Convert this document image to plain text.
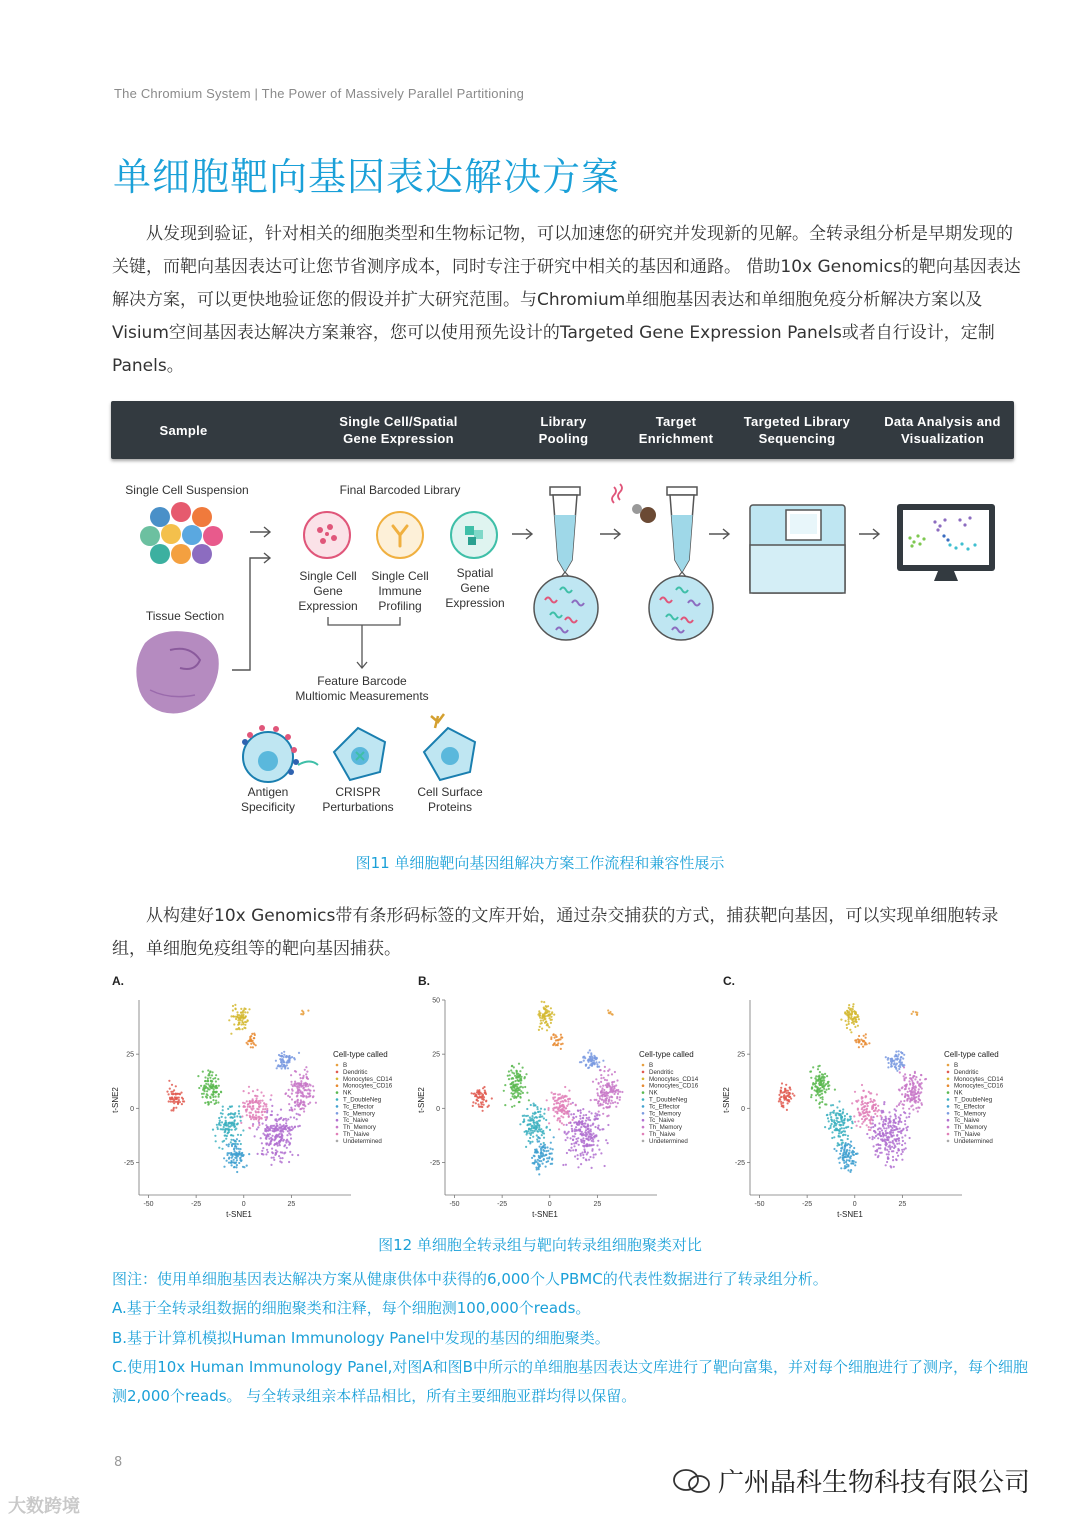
The Chromium System | The Power of Massively Parallel Partitioning
单细胞靶向基因表达解决方案

从发现到验证，针对相关的细胞类型和生物标记物，可以加速您的研究并发现新的见解。全转录组分析是早期发现的关键，而靶向基因表达可让您节省测序成本，同时专注于研究中相关的基因和通路。 借助10x Genomics的靶向基因表达解决方案，可以更快地验证您的假设并扩大研究范围。与Chromium单细胞基因表达和单细胞免疫分析解决方案以及Visium空间基因表达解决方案兼容，您可以使用预先设计的Targeted Gene Expression Panels或者自行设计，定制Panels。

Sample
Single Cell/Spatial
Gene Expression
Library
Pooling
Target
Enrichment
Targeted Library
Sequencing
Data Analysis and
Visualization
Single Cell Suspension
Tissue Section
Final Barcoded Library
Single Cell
Gene
Expression
Single Cell
Immune
Profiling
Spatial
Gene
Expression
Feature Barcode
Multiomic Measurements
Antigen
Specificity
CRISPR
Perturbations
Cell Surface
Proteins
图11 单细胞靶向基因组解决方案工作流程和兼容性展示

从构建好10x Genomics带有条形码标签的文库开始，通过杂交捕获的方式，捕获靶向基因，可以实现单细胞转录组，单细胞免疫组等的靶向基因捕获。

A.
-50	-25	0	25
25
0
-25
t-SNE1
t-SNE2
Cell-type called
B
Dendritic
Monocytes_CD14
Monocytes_CD16
NK
T_DoubleNeg
Tc_Effector
Tc_Memory
Tc_Naive
Th_Memory
Th_Naive
Undetermined
B.
-50	-25	0	25
50
25
0
-25
t-SNE1
t-SNE2
Cell-type called
B
Dendritic
Monocytes_CD14
Monocytes_CD16
NK
T_DoubleNeg
Tc_Effector
Tc_Memory
Tc_Naive
Th_Memory
Th_Naive
Undetermined
C.
-50	-25	0	25
25
0
-25
t-SNE1
t-SNE2
Cell-type called
B
Dendritic
Monocytes_CD14
Monocytes_CD16
NK
T_DoubleNeg
Tc_Effector
Tc_Memory
Tc_Naive
Th_Memory
Th_Naive
Undetermined
图12 单细胞全转录组与靶向转录组细胞聚类对比
图注：使用单细胞基因表达解决方案从健康供体中获得的6,000个人PBMC的代表性数据进行了转录组分析。
A.基于全转录组数据的细胞聚类和注释，每个细胞测100,000个reads。
B.基于计算机模拟Human Immunology Panel中发现的基因的细胞聚类。
C.使用10x Human Immunology Panel,对图A和图B中所示的单细胞基因表达文库进行了靶向富集，并对每个细胞进行了测序，每个细胞测2,000个reads。 与全转录组亲本样品相比，所有主要细胞亚群均得以保留。
8
广州晶科生物科技有限公司
大数跨境
